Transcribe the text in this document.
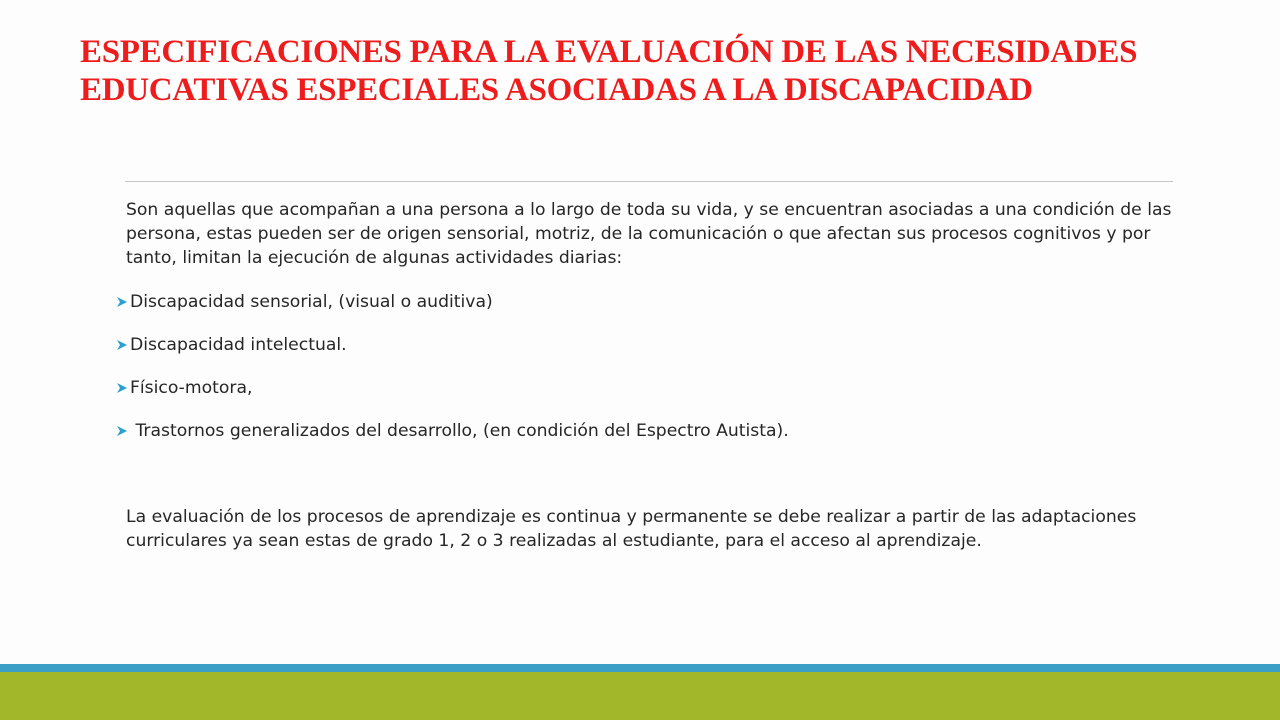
ESPECIFICACIONES PARA LA EVALUACIÓN DE LAS NECESIDADES
EDUCATIVAS ESPECIALES ASOCIADAS A LA DISCAPACIDAD

Son aquellas que acompañan a una persona a lo largo de toda su vida, y se encuentran asociadas a una condición de las persona, estas pueden ser de origen sensorial, motriz, de la comunicación o que afectan sus procesos cognitivos y por tanto, limitan la ejecución de algunas actividades diarias:

Discapacidad sensorial, (visual o auditiva)
Discapacidad intelectual.
Físico-motora,
Trastornos generalizados del desarrollo, (en condición del Espectro Autista).

La evaluación de los procesos de aprendizaje es continua y permanente se debe realizar a partir de las adaptaciones curriculares ya sean estas de grado 1, 2 o 3 realizadas al estudiante, para el acceso al aprendizaje.
